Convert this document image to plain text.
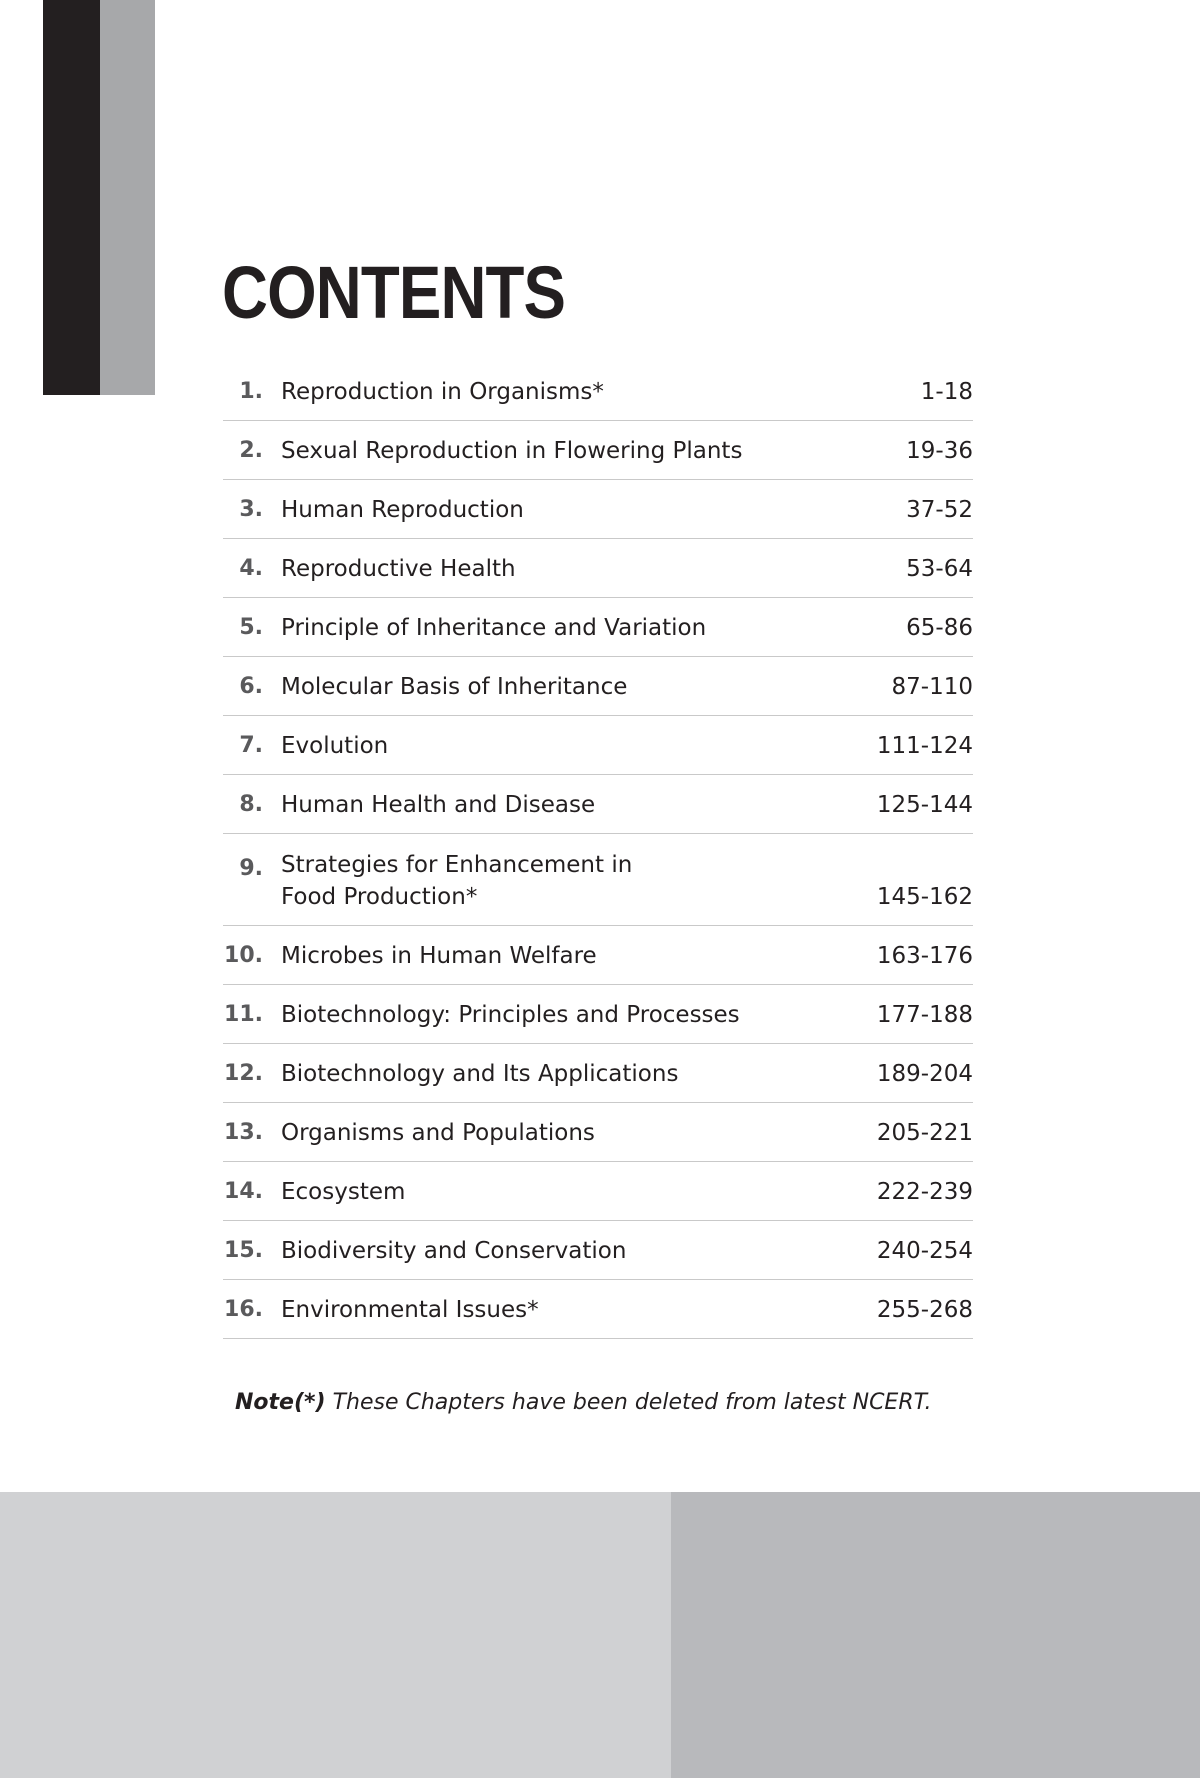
CONTENTS
1. Reproduction in Organisms*	1-18
2. Sexual Reproduction in Flowering Plants	19-36
3. Human Reproduction	37-52
4. Reproductive Health	53-64
5. Principle of Inheritance and Variation	65-86
6. Molecular Basis of Inheritance	87-110
7. Evolution	111-124
8. Human Health and Disease	125-144
9. Strategies for Enhancement in
Food Production*	145-162
10. Microbes in Human Welfare	163-176
11. Biotechnology: Principles and Processes	177-188
12. Biotechnology and Its Applications	189-204
13. Organisms and Populations	205-221
14. Ecosystem	222-239
15. Biodiversity and Conservation	240-254
16. Environmental Issues*	255-268
Note(*) These Chapters have been deleted from latest NCERT.
